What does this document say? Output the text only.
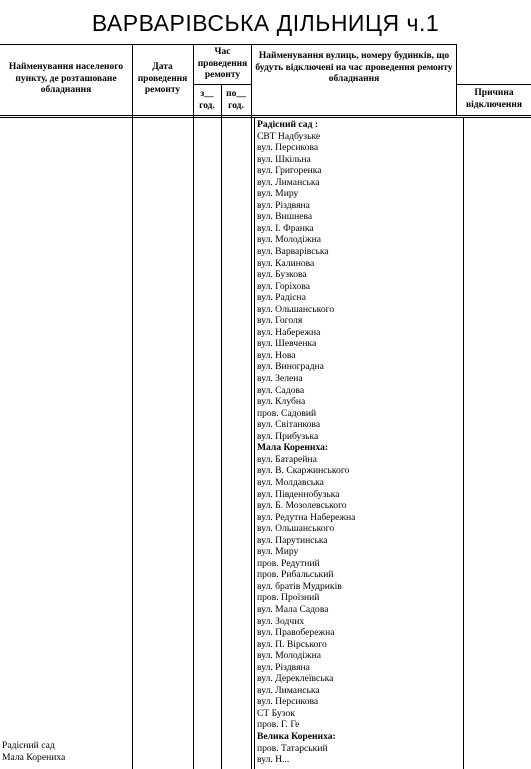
ВАРВАРІВСЬКА ДІЛЬНИЦЯ ч.1
Найменування населеного пункту, де розташоване обладнання
Дата проведення ремонту
Час проведення ремонту
з__ год.
по__ год.
Найменування вулиць, номеру будинків, що будуть відключені на час проведення ремонту обладнання
Причина відключення
Радісний сад :
СВТ Надбузьке
вул. Персикова
вул. Шкільна
вул. Григоренка
вул. Лиманська
вул. Миру
вул. Різдвяна
вул. Вишнева
вул. І. Франка
вул. Молодіжна
вул. Варварівська
вул. Калинова
вул. Бузкова
вул. Горіхова
вул. Радісна
вул. Ольшанського
вул. Гоголя
вул. Набережна
вул. Шевченка
вул. Нова
вул. Виноградна
вул. Зелена
вул. Садова
вул. Клубна
пров. Садовий
вул. Світанкова
вул. Прибузька
Мала Корениха:
вул. Батарейна
вул. В. Скаржинського
вул. Молдавська
вул. Південнобузька
вул. Б. Мозолевського
вул. Редутна Набережна
вул. Ольшанського
вул. Парутинська
вул. Миру
пров. Редутний
пров. Рибальський
вул. братів Мудриків
пров. Проїзний
вул. Мала Садова
вул. Зодчих
вул. Правобережна
вул. П. Вірського
вул. Молодіжна
вул. Різдвяна
вул. Дереклеївська
вул. Лиманська
вул. Персикова
СТ Бузок
пров. Г. Ге
Велика Корениха:
пров. Татарський
вул. Н...
Радісний сад
Мала Корениха
